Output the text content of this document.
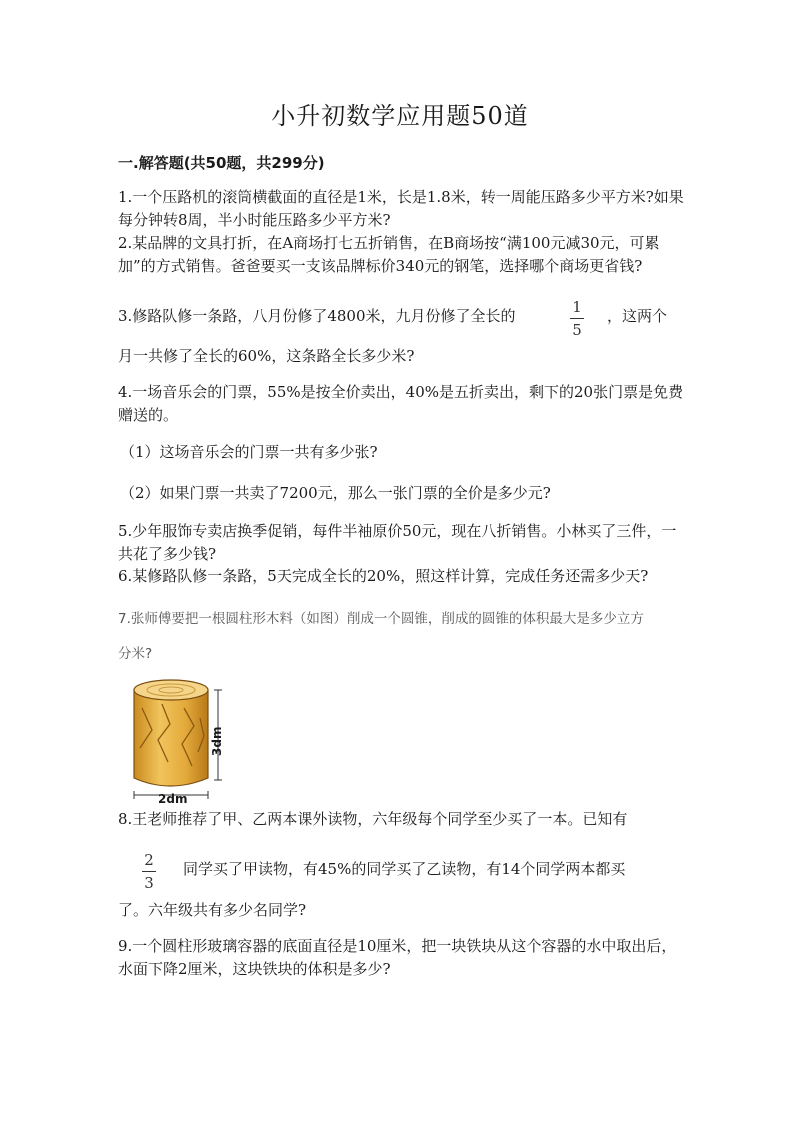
小升初数学应用题50道
一.解答题(共50题，共299分)
1.一个压路机的滚筒横截面的直径是1米，长是1.8米，转一周能压路多少平方米?如果每分钟转8周，半小时能压路多少平方米?
2.某品牌的文具打折，在A商场打七五折销售，在B商场按“满100元减30元，可累加”的方式销售。爸爸要买一支该品牌标价340元的钢笔，选择哪个商场更省钱?
3.修路队修一条路，八月份修了4800米，九月份修了全长的	1
5
，这两个
月一共修了全长的60%，这条路全长多少米?
4.一场音乐会的门票，55%是按全价卖出，40%是五折卖出，剩下的20张门票是免费赠送的。
（1）这场音乐会的门票一共有多少张?
（2）如果门票一共卖了7200元，那么一张门票的全价是多少元?
5.少年服饰专卖店换季促销，每件半袖原价50元，现在八折销售。小林买了三件，一共花了多少钱?
6.某修路队修一条路，5天完成全长的20%，照这样计算，完成任务还需多少天?
7.张师傅要把一根圆柱形木料（如图）削成一个圆锥，削成的圆锥的体积最大是多少立方
分米?
3dm
2dm
8.王老师推荐了甲、乙两本课外读物，六年级每个同学至少买了一本。已知有
2
3
同学买了甲读物，有45%的同学买了乙读物，有14个同学两本都买
了。六年级共有多少名同学?
9.一个圆柱形玻璃容器的底面直径是10厘米，把一块铁块从这个容器的水中取出后，水面下降2厘米，这块铁块的体积是多少?
